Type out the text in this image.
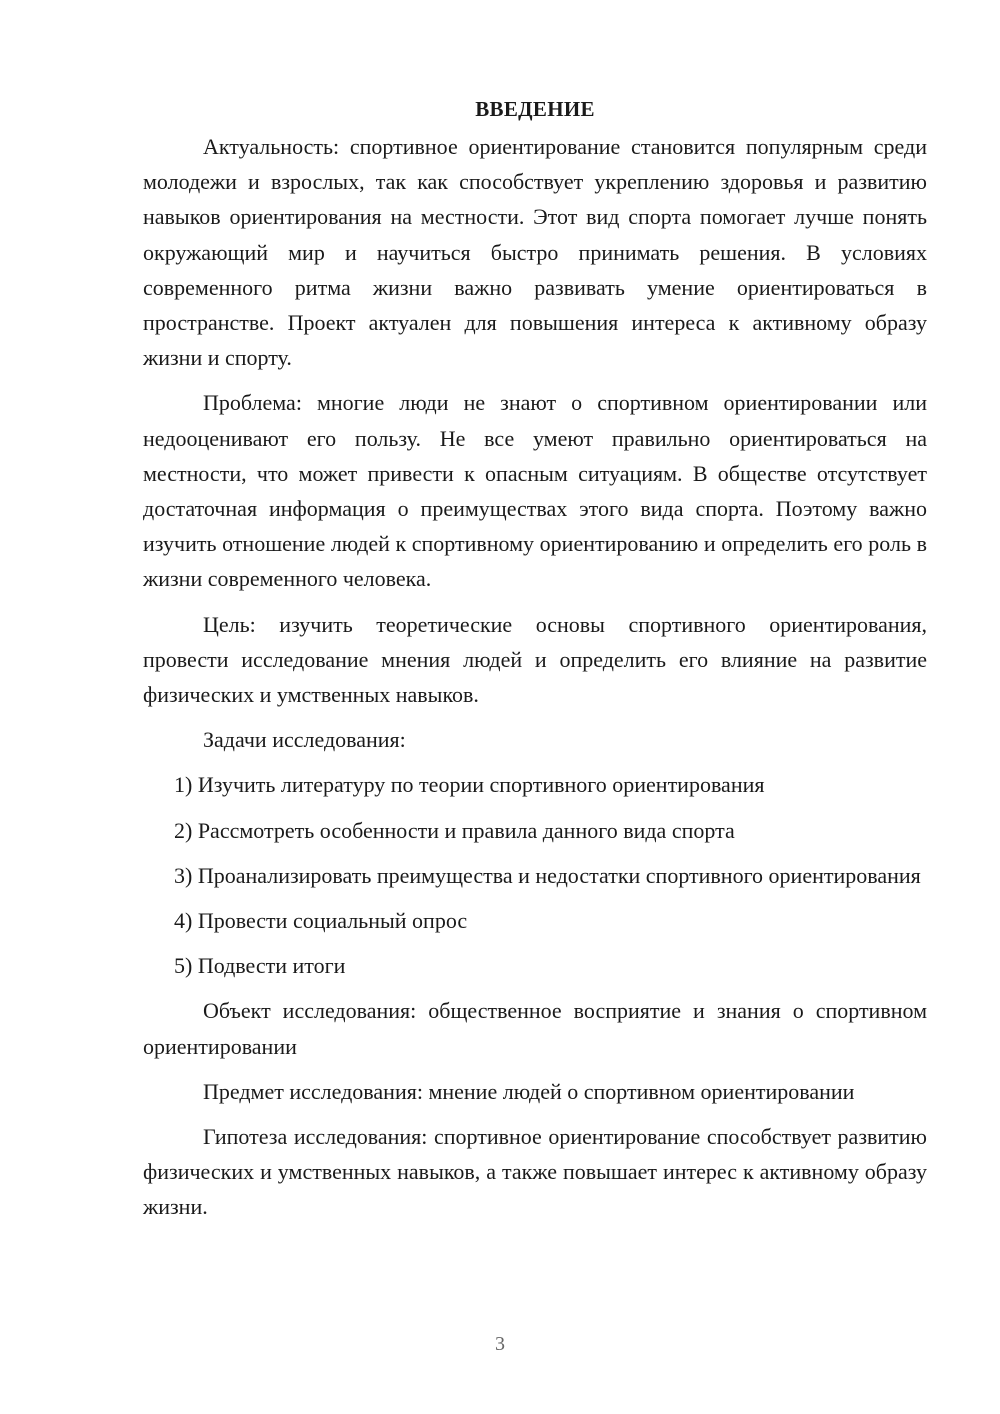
ВВЕДЕНИЕ

Актуальность: спортивное ориентирование становится популярным среди молодежи и взрослых, так как способствует укреплению здоровья и развитию навыков ориентирования на местности. Этот вид спорта помогает лучше понять окружающий мир и научиться быстро принимать решения. В условиях современного ритма жизни важно развивать умение ориентироваться в пространстве. Проект актуален для повышения интереса к активному образу жизни и спорту.

Проблема: многие люди не знают о спортивном ориентировании или недооценивают его пользу. Не все умеют правильно ориентироваться на местности, что может привести к опасным ситуациям. В обществе отсутствует достаточная информация о преимуществах этого вида спорта. Поэтому важно изучить отношение людей к спортивному ориентированию и определить его роль в жизни современного человека.

Цель: изучить теоретические основы спортивного ориентирования, провести исследование мнения людей и определить его влияние на развитие физических и умственных навыков.

Задачи исследования:

1) Изучить литературу по теории спортивного ориентирования

2) Рассмотреть особенности и правила данного вида спорта

3) Проанализировать преимущества и недостатки спортивного ориентирования

4) Провести социальный опрос

5) Подвести итоги

Объект исследования: общественное восприятие и знания о спортивном ориентировании

Предмет исследования: мнение людей о спортивном ориентировании

Гипотеза исследования: спортивное ориентирование способствует развитию физических и умственных навыков, а также повышает интерес к активному образу жизни.

3
